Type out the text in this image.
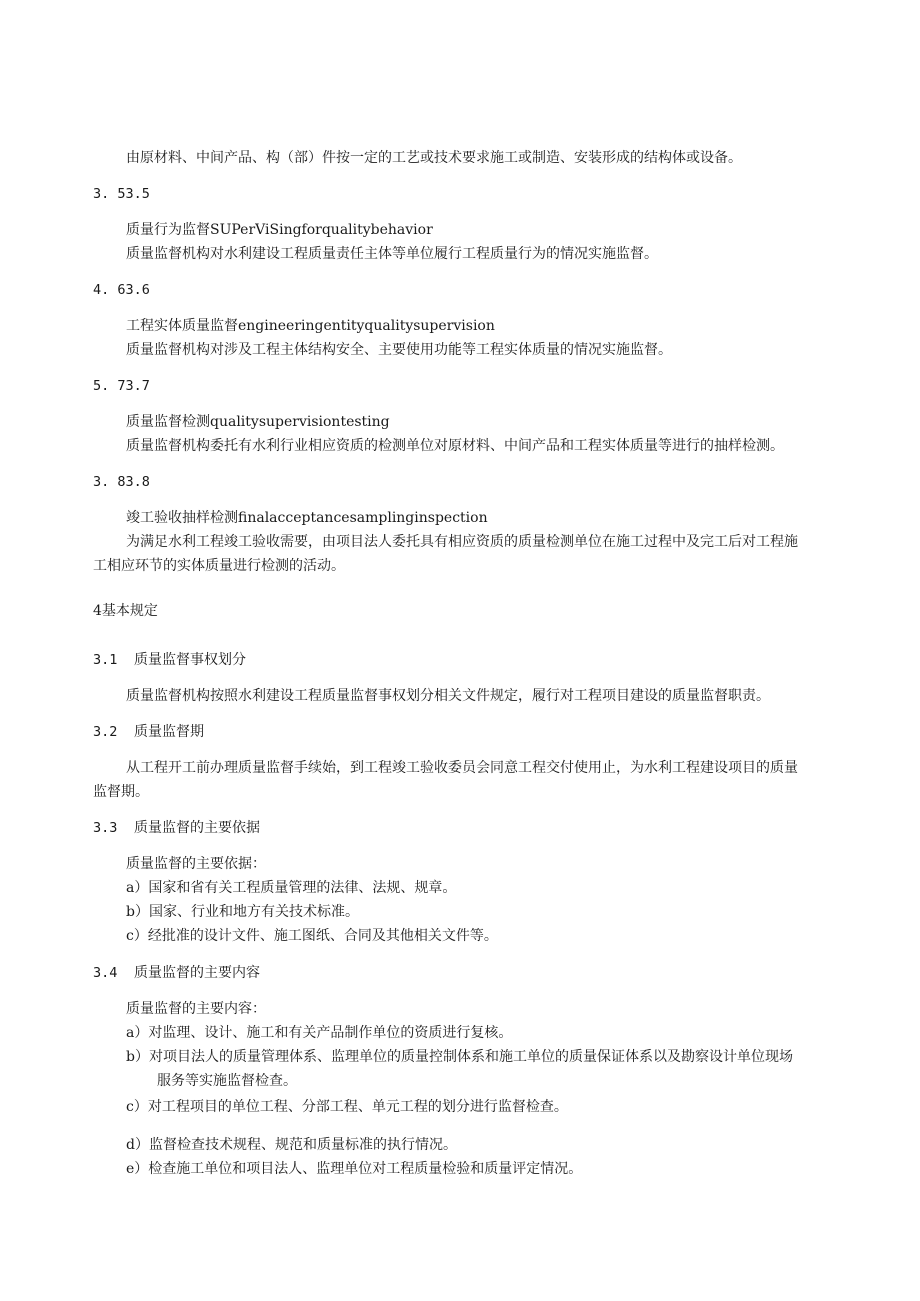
由原材料、中间产品、构（部）件按一定的工艺或技术要求施工或制造、安装形成的结构体或设备。
3. 53.5
质量行为监督SUPerViSingforqualitybehavior
质量监督机构对水利建设工程质量责任主体等单位履行工程质量行为的情况实施监督。
4. 63.6
工程实体质量监督engineeringentityqualitysupervision
质量监督机构对涉及工程主体结构安全、主要使用功能等工程实体质量的情况实施监督。
5. 73.7
质量监督检测qualitysupervisiontesting
质量监督机构委托有水利行业相应资质的检测单位对原材料、中间产品和工程实体质量等进行的抽样检测。
3. 83.8
竣工验收抽样检测finalacceptancesamplinginspection
为满足水利工程竣工验收需要，由项目法人委托具有相应资质的质量检测单位在施工过程中及完工后对工程施
工相应环节的实体质量进行检测的活动。
4基本规定
3.1 质量监督事权划分
质量监督机构按照水利建设工程质量监督事权划分相关文件规定，履行对工程项目建设的质量监督职责。
3.2 质量监督期
从工程开工前办理质量监督手续始，到工程竣工验收委员会同意工程交付使用止，为水利工程建设项目的质量
监督期。
3.3 质量监督的主要依据
质量监督的主要依据：
a）国家和省有关工程质量管理的法律、法规、规章。
b）国家、行业和地方有关技术标准。
c）经批准的设计文件、施工图纸、合同及其他相关文件等。
3.4 质量监督的主要内容
质量监督的主要内容：
a）对监理、设计、施工和有关产品制作单位的资质进行复核。
b）对项目法人的质量管理体系、监理单位的质量控制体系和施工单位的质量保证体系以及勘察设计单位现场
服务等实施监督检查。
c）对工程项目的单位工程、分部工程、单元工程的划分进行监督检查。
d）监督检查技术规程、规范和质量标准的执行情况。
e）检查施工单位和项目法人、监理单位对工程质量检验和质量评定情况。
